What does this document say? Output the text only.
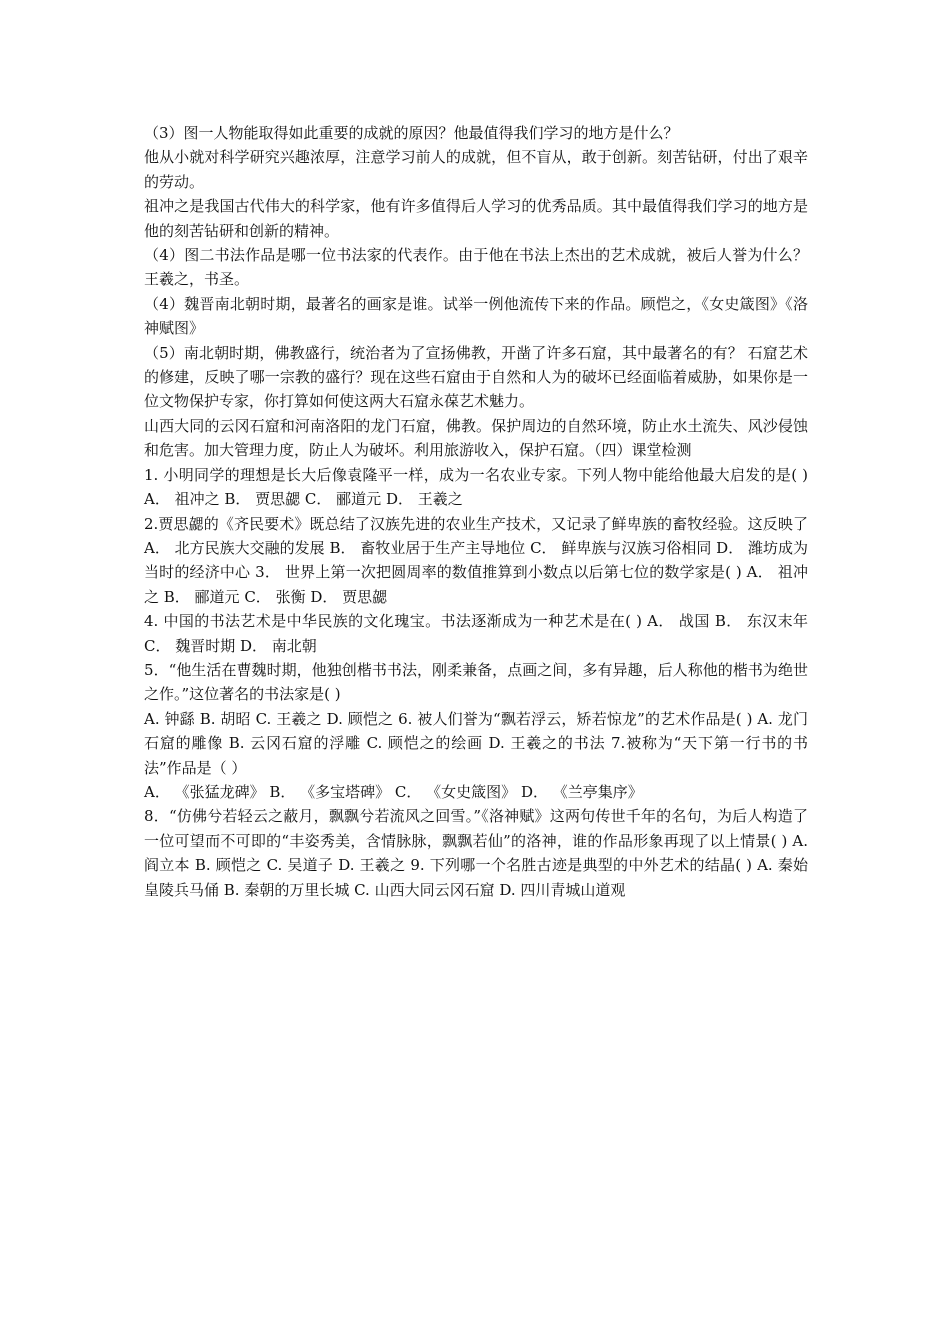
（3）图一人物能取得如此重要的成就的原因？他最值得我们学习的地方是什么？

他从小就对科学研究兴趣浓厚，注意学习前人的成就，但不盲从，敢于创新。刻苦钻研，付出了艰辛的劳动。

祖冲之是我国古代伟大的科学家，他有许多值得后人学习的优秀品质。其中最值得我们学习的地方是他的刻苦钻研和创新的精神。

（4）图二书法作品是哪一位书法家的代表作。由于他在书法上杰出的艺术成就，被后人誉为什么？ 王羲之，书圣。

（4）魏晋南北朝时期，最著名的画家是谁。试举一例他流传下来的作品。顾恺之，《女史箴图》《洛神赋图》

（5）南北朝时期，佛教盛行，统治者为了宣扬佛教，开凿了许多石窟，其中最著名的有？ 石窟艺术的修建，反映了哪一宗教的盛行？现在这些石窟由于自然和人为的破坏已经面临着威胁，如果你是一位文物保护专家，你打算如何使这两大石窟永葆艺术魅力。

山西大同的云冈石窟和河南洛阳的龙门石窟，佛教。保护周边的自然环境，防止水土流失、风沙侵蚀和危害。加大管理力度，防止人为破坏。利用旅游收入，保护石窟。（四）课堂检测

1. 小明同学的理想是长大后像袁隆平一样，成为一名农业专家。下列人物中能给他最大启发的是( ) A． 祖冲之 B． 贾思勰 C． 郦道元 D． 王羲之

2.贾思勰的《齐民要术》既总结了汉族先进的农业生产技术，又记录了鲜卑族的畜牧经验。这反映了 A． 北方民族大交融的发展 B． 畜牧业居于生产主导地位 C． 鲜卑族与汉族习俗相同 D． 潍坊成为当时的经济中心 3． 世界上第一次把圆周率的数值推算到小数点以后第七位的数学家是( ) A． 祖冲之 B． 郦道元 C． 张衡 D． 贾思勰

4. 中国的书法艺术是中华民族的文化瑰宝。书法逐渐成为一种艺术是在( ) A． 战国 B． 东汉末年 C． 魏晋时期 D． 南北朝

5．“他生活在曹魏时期，他独创楷书书法，刚柔兼备，点画之间，多有异趣，后人称他的楷书为绝世之作。”这位著名的书法家是( )

A. 钟繇 B. 胡昭 C. 王羲之 D. 顾恺之 6. 被人们誉为“飘若浮云，矫若惊龙”的艺术作品是( ) A. 龙门石窟的雕像 B. 云冈石窟的浮雕 C. 顾恺之的绘画 D. 王羲之的书法 7.被称为“天下第一行书的书法”作品是（ ）

A． 《张猛龙碑》 B． 《多宝塔碑》 C． 《女史箴图》 D． 《兰亭集序》

8．“仿佛兮若轻云之蔽月，飘飘兮若流风之回雪。”《洛神赋》这两句传世千年的名句，为后人构造了一位可望而不可即的“丰姿秀美，含情脉脉，飘飘若仙”的洛神，谁的作品形象再现了以上情景( ) A. 阎立本 B. 顾恺之 C. 吴道子 D. 王羲之 9. 下列哪一个名胜古迹是典型的中外艺术的结晶( ) A. 秦始皇陵兵马俑 B. 秦朝的万里长城 C. 山西大同云冈石窟 D. 四川青城山道观
